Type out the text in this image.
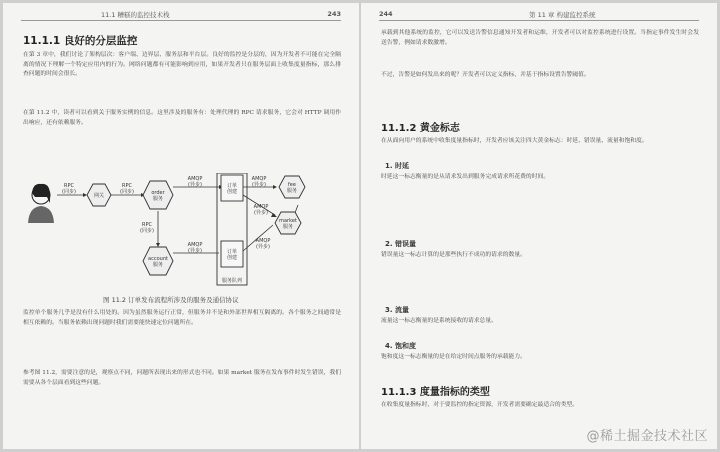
11.1 糟糕的监控技术栈	243
11.1.1 良好的分层监控
在第 3 章中，我们讨论了架构层次：客户端、边界层、服务层和平台层。良好的监控是分层的，因为开发者不可能在完全隔离的情况下理解一个特定应用内的行为。网络问题都有可能影响到应用，如果开发者只在服务层面上收集度量指标，那么排查问题的时间会很长。
在第 11.2 中，读者可以看到关于服务实例的信息。这里涉及的服务有：处理代理的 RPC 请求服务，它会对 HTTP 调用作出响应，还有依赖服务。
网关	order 服务
account 服务
market 服务
fee 服务
订单创建
订单创建
服务队列
RPC (同步)
RPC (同步)
RPC (同步)
AMQP (异步)
AMQP (异步)
AMQP (异步)
AMQP (异步)
AMQP (异步)
图 11.2 订单发布流程所涉及的服务及通信协议
监控单个服务几乎是没有什么用处的。因为虽然服务运行正常，但服务并不是和外部世界相互隔离的。各个服务之间通常是相互依赖的。当服务依赖出现问题时我们需要能快速定位问题所在。
参考图 11.2，需要注意的是，观察点不同，问题所表现出来的形式也不同。如果 market 服务在发布事件时发生错误，我们需要从各个层面看到这些问题。
244	第 11 章 构建监控系统
承载到其他系统的监控，它可以发送告警信息通知开发者和运维，开发者可以对监控系统进行设置。当指定事件发生时会发送告警，例如请求数激增。
不过，告警是如何发出来的呢？开发者可以定义指标，并基于指标设置告警阈值。
11.1.2 黄金标志
在从面向用户的系统中收集度量指标时，开发者应该关注四大黄金标志：时延、错误量、流量和饱和度。
1. 时延
时延这一标志衡量的是从请求发出到服务完成请求所花费的时间。
2. 错误量
错误量这一标志计算的是那些执行不成功的请求的数量。
3. 流量
流量这一标志衡量的是系统接收的请求总量。
4. 饱和度
饱和度这一标志衡量的是在给定时间点服务的承载能力。
11.1.3 度量指标的类型
在收集度量指标时，对于要监控的指定资源，开发者需要确定最适合的类型。
@稀土掘金技术社区
